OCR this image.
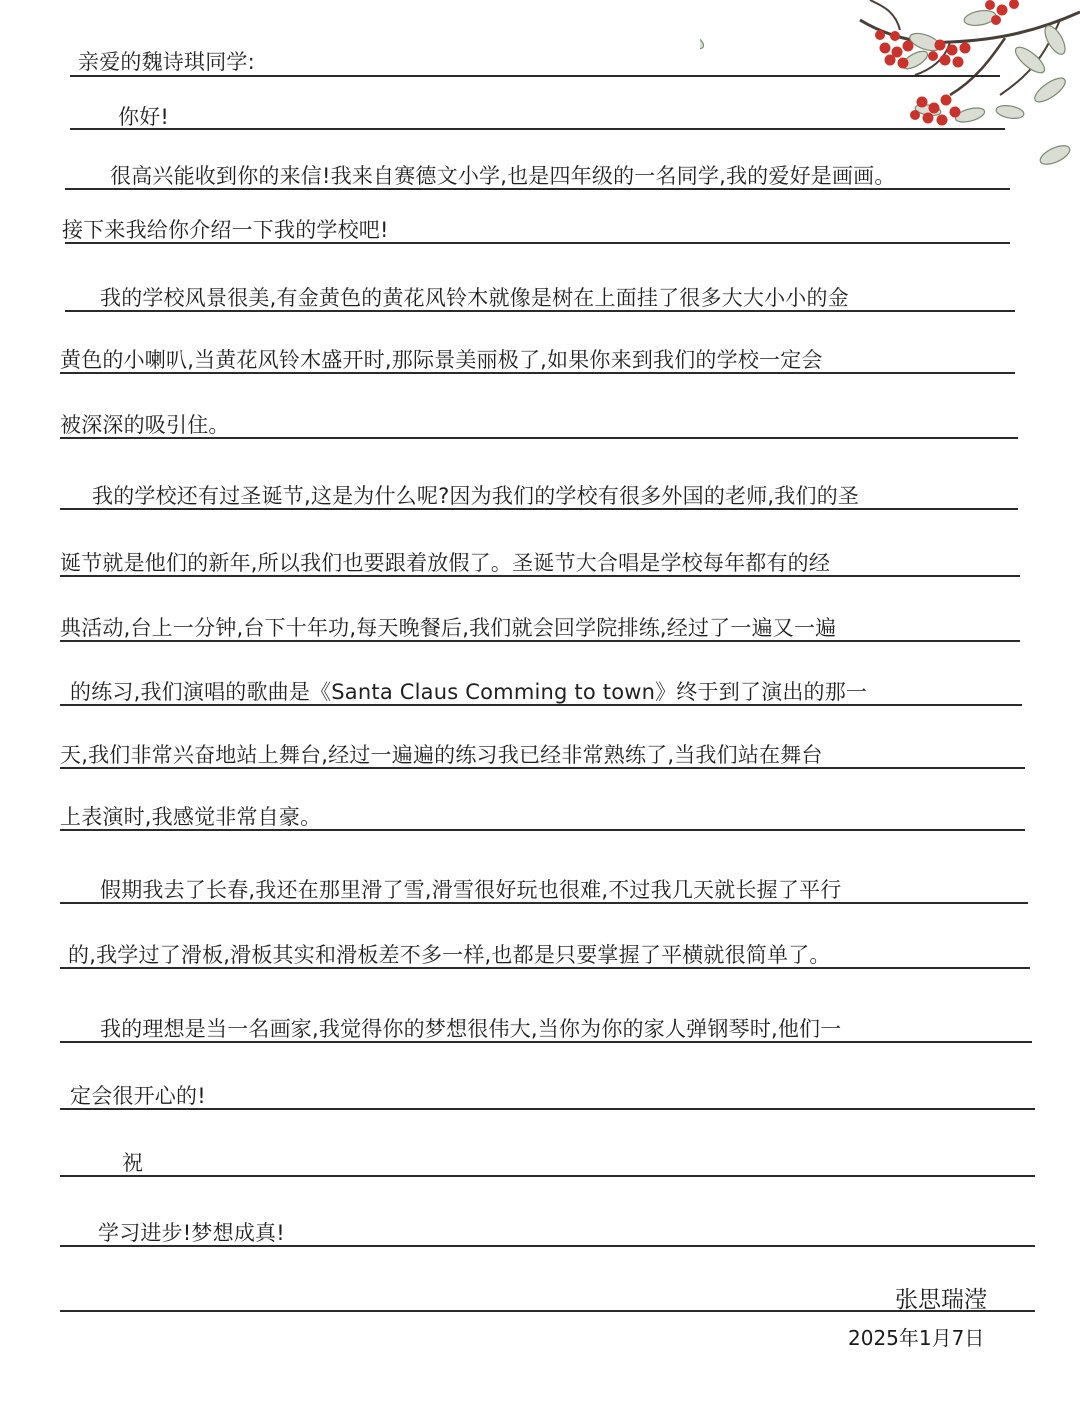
亲爱的魏诗琪同学:
你好!
很高兴能收到你的来信!我来自赛德文小学,也是四年级的一名同学,我的爱好是画画。
接下来我给你介绍一下我的学校吧!
我的学校风景很美,有金黄色的黄花风铃木就像是树在上面挂了很多大大小小的金
黄色的小喇叭,当黄花风铃木盛开时,那际景美丽极了,如果你来到我们的学校一定会
被深深的吸引住。
我的学校还有过圣诞节,这是为什么呢?因为我们的学校有很多外国的老师,我们的圣
诞节就是他们的新年,所以我们也要跟着放假了。圣诞节大合唱是学校每年都有的经
典活动,台上一分钟,台下十年功,每天晚餐后,我们就会回学院排练,经过了一遍又一遍
的练习,我们演唱的歌曲是《Santa Claus Comming to town》终于到了演出的那一
天,我们非常兴奋地站上舞台,经过一遍遍的练习我已经非常熟练了,当我们站在舞台
上表演时,我感觉非常自豪。
假期我去了长春,我还在那里滑了雪,滑雪很好玩也很难,不过我几天就长握了平行
的,我学过了滑板,滑板其实和滑板差不多一样,也都是只要掌握了平横就很简单了。
我的理想是当一名画家,我觉得你的梦想很伟大,当你为你的家人弹钢琴时,他们一
定会很开心的!
祝
学习进步!梦想成真!
张思瑞滢
2025年1月7日
